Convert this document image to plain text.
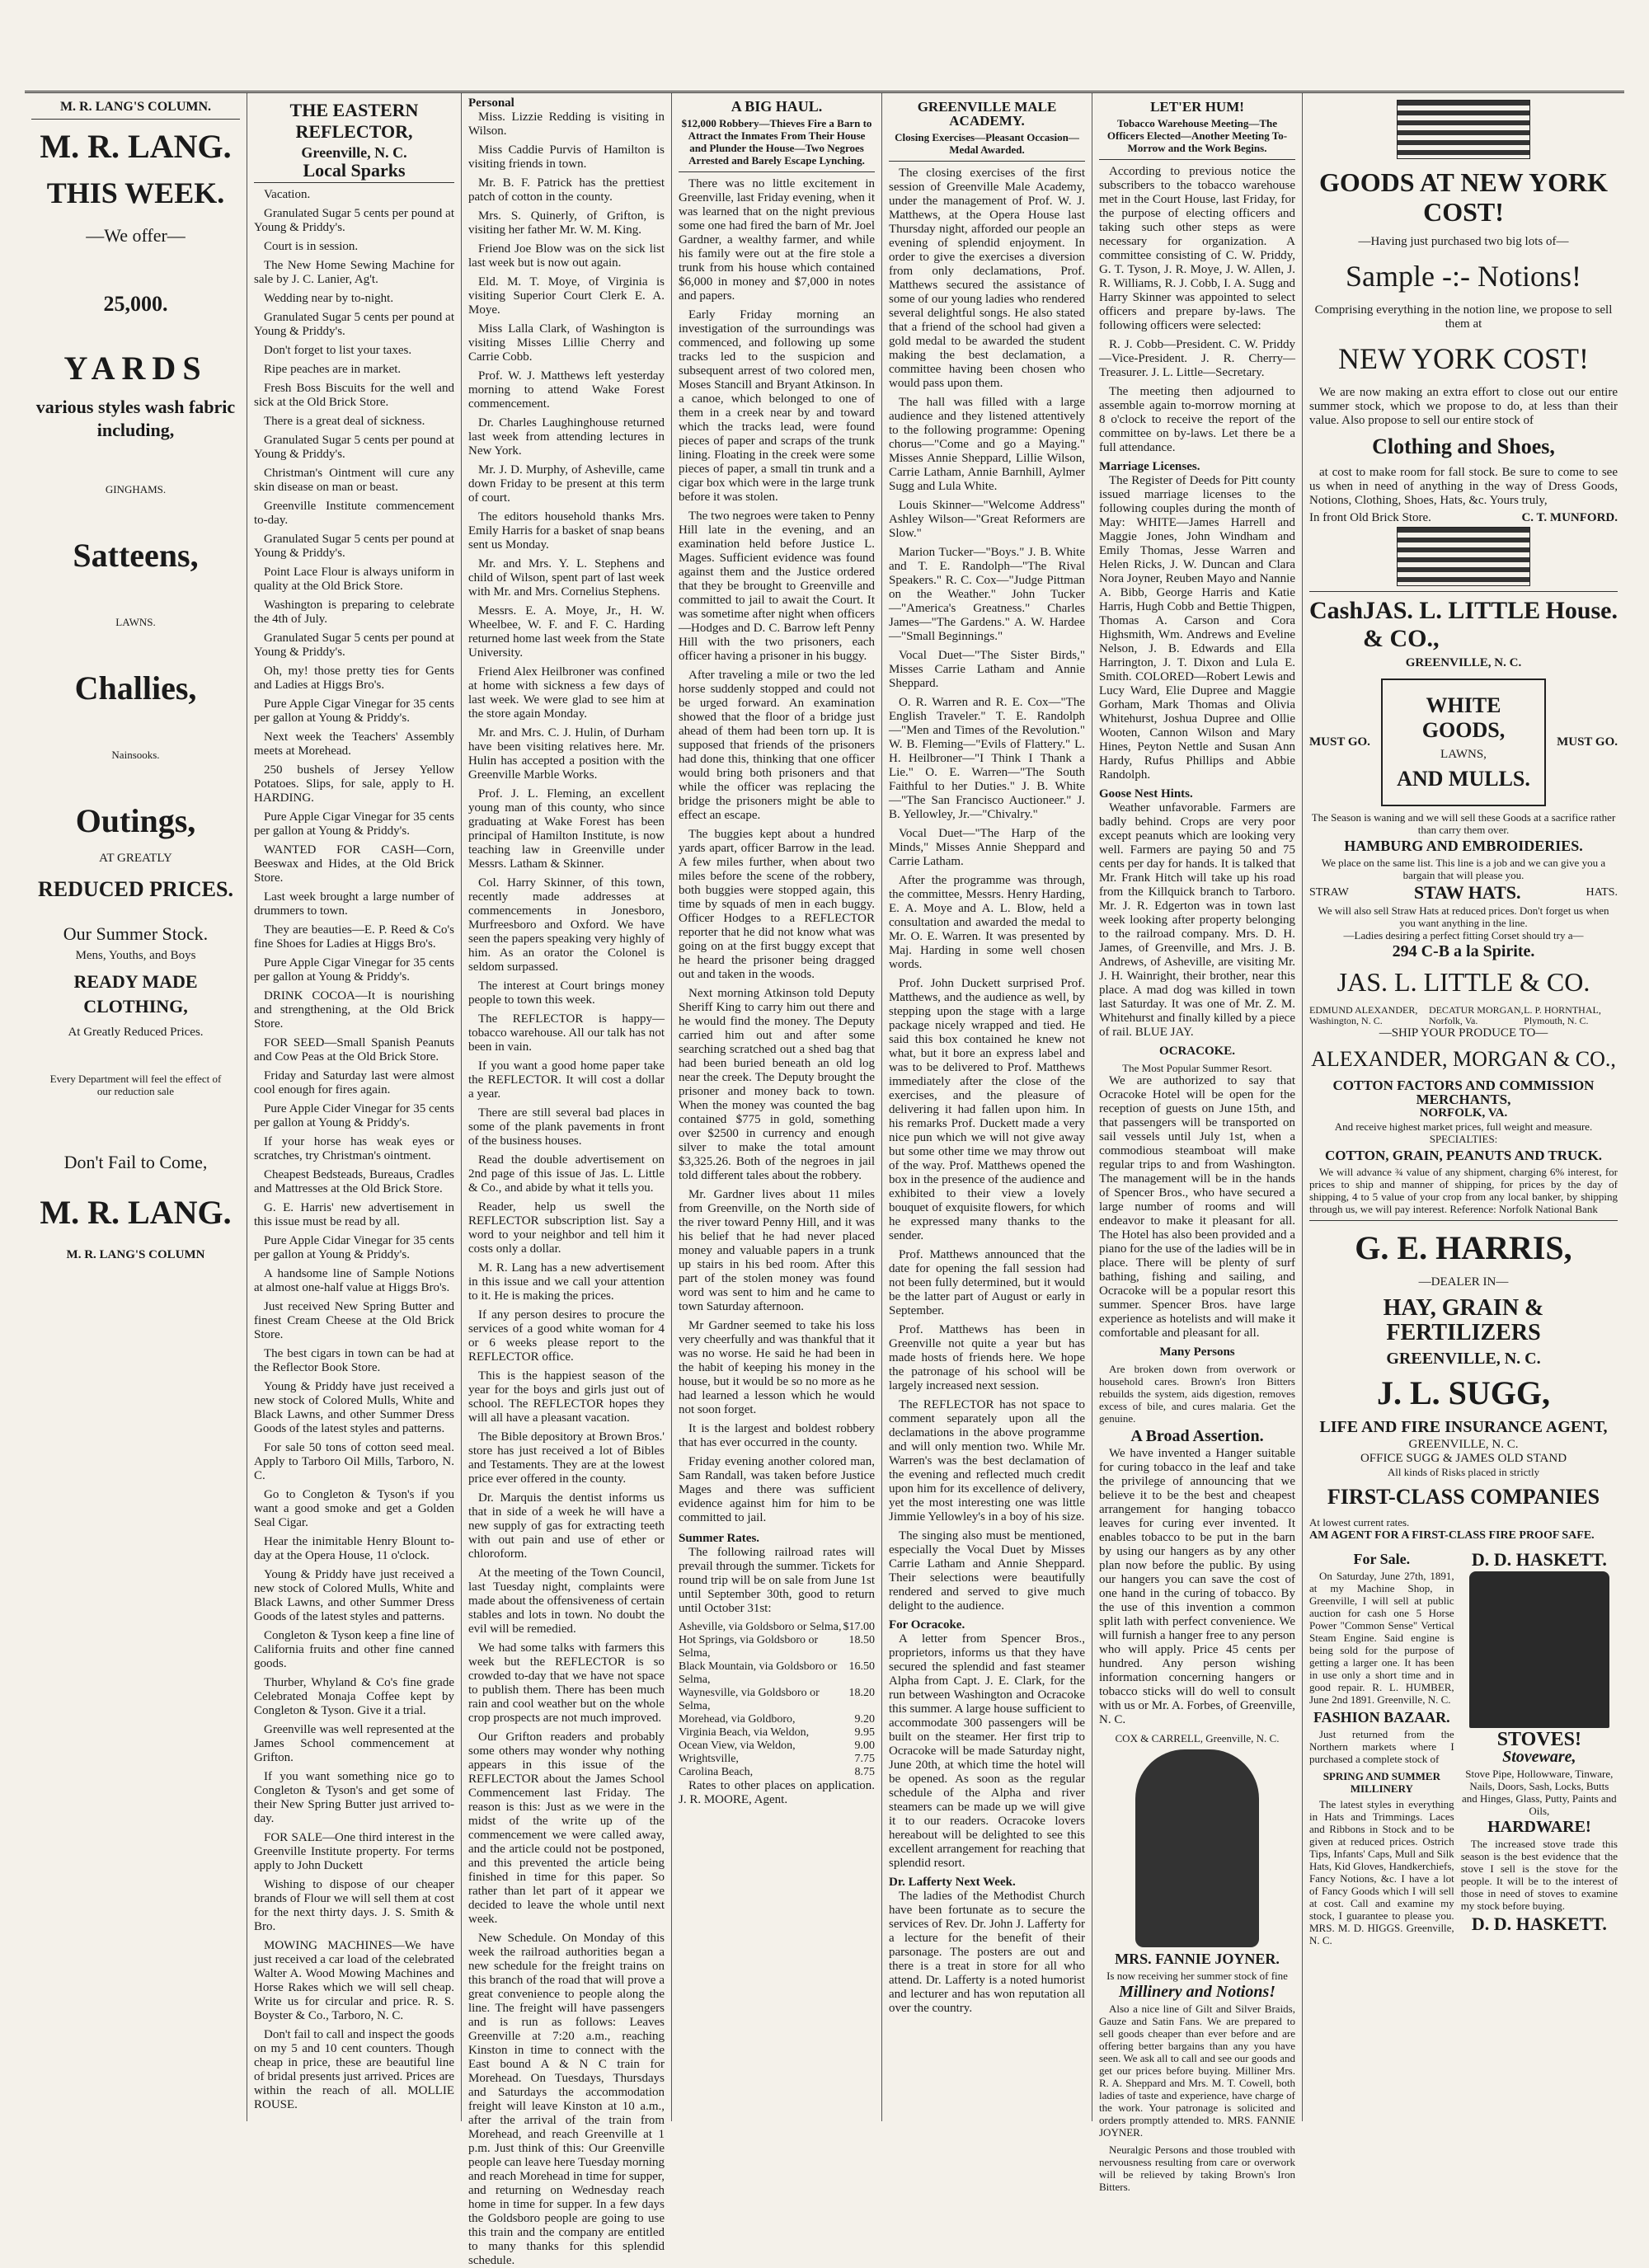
M. R. LANG'S COLUMN.
M. R. LANG.
THIS WEEK.
—We offer—
25,000.
YARDS
various styles wash fabric including,
GINGHAMS.
Satteens,
LAWNS.
Challies,
Nainsooks.
Outings,
AT GREATLY
REDUCED PRICES.
Our Summer Stock.
Mens, Youths, and Boys
READY MADE CLOTHING,
At Greatly Reduced Prices.
Every Department will feel the effect of our reduction sale
Don't Fail to Come,
M. R. LANG.
M. R. LANG'S COLUMN
THE EASTERN REFLECTOR,
Greenville, N. C.
Local Sparks
Vacation.
Granulated Sugar 5 cents per pound at Young & Priddy's.
Court is in session.
The New Home Sewing Machine for sale by J. C. Lanier, Ag't.
Wedding near by to-night.
Granulated Sugar 5 cents per pound at Young & Priddy's.
Don't forget to list your taxes.
Ripe peaches are in market.
Fresh Boss Biscuits for the well and sick at the Old Brick Store.
There is a great deal of sickness.
Granulated Sugar 5 cents per pound at Young & Priddy's.
Christman's Ointment will cure any skin disease on man or beast.
Greenville Institute commencement to-day.
Granulated Sugar 5 cents per pound at Young & Priddy's.
Point Lace Flour is always uniform in quality at the Old Brick Store.
Washington is preparing to celebrate the 4th of July.
Granulated Sugar 5 cents per pound at Young & Priddy's.
Oh, my! those pretty ties for Gents and Ladies at Higgs Bro's.
Pure Apple Cigar Vinegar for 35 cents per gallon at Young & Priddy's.
Next week the Teachers' Assembly meets at Morehead.
250 bushels of Jersey Yellow Potatoes. Slips, for sale, apply to H. HARDING.
Pure Apple Cigar Vinegar for 35 cents per gallon at Young & Priddy's.
WANTED FOR CASH—Corn, Beeswax and Hides, at the Old Brick Store.
Last week brought a large number of drummers to town.
They are beauties—E. P. Reed & Co's fine Shoes for Ladies at Higgs Bro's.
Pure Apple Cigar Vinegar for 35 cents per gallon at Young & Priddy's.
DRINK COCOA—It is nourishing and strengthening, at the Old Brick Store.
FOR SEED—Small Spanish Peanuts and Cow Peas at the Old Brick Store.
Friday and Saturday last were almost cool enough for fires again.
Pure Apple Cider Vinegar for 35 cents per gallon at Young & Priddy's.
If your horse has weak eyes or scratches, try Christman's ointment.
Cheapest Bedsteads, Bureaus, Cradles and Mattresses at the Old Brick Store.
G. E. Harris' new advertisement in this issue must be read by all.
Pure Apple Cidar Vinegar for 35 cents per gallon at Young & Priddy's.
A handsome line of Sample Notions at almost one-half value at Higgs Bro's.
Just received New Spring Butter and finest Cream Cheese at the Old Brick Store.
The best cigars in town can be had at the Reflector Book Store.
Young & Priddy have just received a new stock of Colored Mulls, White and Black Lawns, and other Summer Dress Goods of the latest styles and patterns.
For sale 50 tons of cotton seed meal. Apply to Tarboro Oil Mills, Tarboro, N. C.
Go to Congleton & Tyson's if you want a good smoke and get a Golden Seal Cigar.
Hear the inimitable Henry Blount to-day at the Opera House, 11 o'clock.
Young & Priddy have just received a new stock of Colored Mulls, White and Black Lawns, and other Summer Dress Goods of the latest styles and patterns.
Congleton & Tyson keep a fine line of California fruits and other fine canned goods.
Thurber, Whyland & Co's fine grade Celebrated Monaja Coffee kept by Congleton & Tyson. Give it a trial.
Greenville was well represented at the James School commencement at Grifton.
If you want something nice go to Congleton & Tyson's and get some of their New Spring Butter just arrived to-day.
FOR SALE—One third interest in the Greenville Institute property. For terms apply to John Duckett
Wishing to dispose of our cheaper brands of Flour we will sell them at cost for the next thirty days. J. S. Smith & Bro.
MOWING MACHINES—We have just received a car load of the celebrated Walter A. Wood Mowing Machines and Horse Rakes which we will sell cheap. Write us for circular and price. R. S. Boyster & Co., Tarboro, N. C.
Don't fail to call and inspect the goods on my 5 and 10 cent counters. Though cheap in price, these are beautiful line of bridal presents just arrived. Prices are within the reach of all. MOLLIE ROUSE.
Personal
Miss. Lizzie Redding is visiting in Wilson.
Miss Caddie Purvis of Hamilton is visiting friends in town.
Mr. B. F. Patrick has the prettiest patch of cotton in the county.
Mrs. S. Quinerly, of Grifton, is visiting her father Mr. W. M. King.
Friend Joe Blow was on the sick list last week but is now out again.
Eld. M. T. Moye, of Virginia is visiting Superior Court Clerk E. A. Moye.
Miss Lalla Clark, of Washington is visiting Misses Lillie Cherry and Carrie Cobb.
Prof. W. J. Matthews left yesterday morning to attend Wake Forest commencement.
Dr. Charles Laughinghouse returned last week from attending lectures in New York.
Mr. J. D. Murphy, of Asheville, came down Friday to be present at this term of court.
The editors household thanks Mrs. Emily Harris for a basket of snap beans sent us Monday.
Mr. and Mrs. Y. L. Stephens and child of Wilson, spent part of last week with Mr. and Mrs. Cornelius Stephens.
Messrs. E. A. Moye, Jr., H. W. Wheelbee, W. F. and F. C. Harding returned home last week from the State University.
Friend Alex Heilbroner was confined at home with sickness a few days of last week. We were glad to see him at the store again Monday.
Mr. and Mrs. C. J. Hulin, of Durham have been visiting relatives here. Mr. Hulin has accepted a position with the Greenville Marble Works.
Prof. J. L. Fleming, an excellent young man of this county, who since graduating at Wake Forest has been principal of Hamilton Institute, is now teaching law in Greenville under Messrs. Latham & Skinner.
Col. Harry Skinner, of this town, recently made addresses at commencements in Jonesboro, Murfreesboro and Oxford. We have seen the papers speaking very highly of him. As an orator the Colonel is seldom surpassed.
The interest at Court brings money people to town this week.
The REFLECTOR is happy—tobacco warehouse. All our talk has not been in vain.
If you want a good home paper take the REFLECTOR. It will cost a dollar a year.
There are still several bad places in some of the plank pavements in front of the business houses.
Read the double advertisement on 2nd page of this issue of Jas. L. Little & Co., and abide by what it tells you.
Reader, help us swell the REFLECTOR subscription list. Say a word to your neighbor and tell him it costs only a dollar.
M. R. Lang has a new advertisement in this issue and we call your attention to it. He is making the prices.
If any person desires to procure the services of a good white woman for 4 or 6 weeks please report to the REFLECTOR office.
This is the happiest season of the year for the boys and girls just out of school. The REFLECTOR hopes they will all have a pleasant vacation.
The Bible depository at Brown Bros.' store has just received a lot of Bibles and Testaments. They are at the lowest price ever offered in the county.
Dr. Marquis the dentist informs us that in side of a week he will have a new supply of gas for extracting teeth with out pain and use of ether or chloroform.
At the meeting of the Town Council, last Tuesday night, complaints were made about the offensiveness of certain stables and lots in town. No doubt the evil will be remedied.
We had some talks with farmers this week but the REFLECTOR is so crowded to-day that we have not space to publish them. There has been much rain and cool weather but on the whole crop prospects are not much improved.
Our Grifton readers and probably some others may wonder why nothing appears in this issue of the REFLECTOR about the James School Commencement last Friday. The reason is this: Just as we were in the midst of the write up of the commencement we were called away, and the article could not be postponed, and this prevented the article being finished in time for this paper. So rather than let part of it appear we decided to leave the whole until next week.
New Schedule. On Monday of this week the railroad authorities began a new schedule for the freight trains on this branch of the road that will prove a great convenience to people along the line. The freight will have passengers and is run as follows: Leaves Greenville at 7:20 a.m., reaching Kinston in time to connect with the East bound A & N C train for Morehead. On Tuesdays, Thursdays and Saturdays the accommodation freight will leave Kinston at 10 a.m., after the arrival of the train from Morehead, and reach Greenville at 1 p.m. Just think of this: Our Greenville people can leave here Tuesday morning and reach Morehead in time for supper, and returning on Wednesday reach home in time for supper. In a few days the Goldsboro people are going to use this train and the company are entitled to many thanks for this splendid schedule.
A BIG HAUL.
$12,000 Robbery—Thieves Fire a Barn to Attract the Inmates From Their House and Plunder the House—Two Negroes Arrested and Barely Escape Lynching.
There was no little excitement in Greenville, last Friday evening, when it was learned that on the night previous some one had fired the barn of Mr. Joel Gardner, a wealthy farmer, and while his family were out at the fire stole a trunk from his house which contained $6,000 in money and $7,000 in notes and papers.
Early Friday morning an investigation of the surroundings was commenced, and following up some tracks led to the suspicion and subsequent arrest of two colored men, Moses Stancill and Bryant Atkinson. In a canoe, which belonged to one of them in a creek near by and toward which the tracks lead, were found pieces of paper and scraps of the trunk lining. Floating in the creek were some pieces of paper, a small tin trunk and a cigar box which were in the large trunk before it was stolen.
The two negroes were taken to Penny Hill late in the evening, and an examination held before Justice L. Mages. Sufficient evidence was found against them and the Justice ordered that they be brought to Greenville and committed to jail to await the Court. It was sometime after night when officers—Hodges and D. C. Barrow left Penny Hill with the two prisoners, each officer having a prisoner in his buggy.
After traveling a mile or two the led horse suddenly stopped and could not be urged forward. An examination showed that the floor of a bridge just ahead of them had been torn up. It is supposed that friends of the prisoners had done this, thinking that one officer would bring both prisoners and that while the officer was replacing the bridge the prisoners might be able to effect an escape.
The buggies kept about a hundred yards apart, officer Barrow in the lead. A few miles further, when about two miles before the scene of the robbery, both buggies were stopped again, this time by squads of men in each buggy. Officer Hodges to a REFLECTOR reporter that he did not know what was going on at the first buggy except that he heard the prisoner being dragged out and taken in the woods.
Next morning Atkinson told Deputy Sheriff King to carry him out there and he would find the money. The Deputy carried him out and after some searching scratched out a shed bag that had been buried beneath an old log near the creek. The Deputy brought the prisoner and money back to town. When the money was counted the bag contained $775 in gold, something over $2500 in currency and enough silver to make the total amount $3,325.26. Both of the negroes in jail told different tales about the robbery.
Mr. Gardner lives about 11 miles from Greenville, on the North side of the river toward Penny Hill, and it was his belief that he had never placed money and valuable papers in a trunk up stairs in his bed room. After this part of the stolen money was found word was sent to him and he came to town Saturday afternoon.
Mr Gardner seemed to take his loss very cheerfully and was thankful that it was no worse. He said he had been in the habit of keeping his money in the house, but it would be so no more as he had learned a lesson which he would not soon forget.
It is the largest and boldest robbery that has ever occurred in the county.
Friday evening another colored man, Sam Randall, was taken before Justice Mages and there was sufficient evidence against him for him to be committed to jail.
Summer Rates.
The following railroad rates will prevail through the summer. Tickets for round trip will be on sale from June 1st until September 30th, good to return until October 31st:
Asheville, via Goldsboro or Selma, $17.00
Hot Springs, via Goldsboro or Selma,
18.50
Black Mountain, via Goldsboro or Selma,
16.50
Waynesville, via Goldsboro or Selma,
18.20
Morehead, via Goldboro,	9.20
Virginia Beach, via Weldon,	9.95
Ocean View, via Weldon,	9.00
Wrightsville,	7.75
Carolina Beach,	8.75
Rates to other places on application. J. R. MOORE, Agent.
GREENVILLE MALE ACADEMY.
Closing Exercises—Pleasant Occasion—Medal Awarded.
The closing exercises of the first session of Greenville Male Academy, under the management of Prof. W. J. Matthews, at the Opera House last Thursday night, afforded our people an evening of splendid enjoyment. In order to give the exercises a diversion from only declamations, Prof. Matthews secured the assistance of some of our young ladies who rendered several delightful songs. He also stated that a friend of the school had given a gold medal to be awarded the student making the best declamation, a committee having been chosen who would pass upon them.
The hall was filled with a large audience and they listened attentively to the following programme: Opening chorus—"Come and go a Maying." Misses Annie Sheppard, Lillie Wilson, Carrie Latham, Annie Barnhill, Aylmer Sugg and Lula White.
Louis Skinner—"Welcome Address" Ashley Wilson—"Great Reformers are Slow."
Marion Tucker—"Boys." J. B. White and T. E. Randolph—"The Rival Speakers." R. C. Cox—"Judge Pittman on the Weather." John Tucker—"America's Greatness." Charles James—"The Gardens." A. W. Hardee—"Small Beginnings."
Vocal Duet—"The Sister Birds," Misses Carrie Latham and Annie Sheppard.
O. R. Warren and R. E. Cox—"The English Traveler." T. E. Randolph—"Men and Times of the Revolution." W. B. Fleming—"Evils of Flattery." L. H. Heilbroner—"I Think I Thank a Lie." O. E. Warren—"The South Faithful to her Duties." J. B. White—"The San Francisco Auctioneer." J. B. Yellowley, Jr.—"Chivalry."
Vocal Duet—"The Harp of the Minds," Misses Annie Sheppard and Carrie Latham.
After the programme was through, the committee, Messrs. Henry Harding, E. A. Moye and A. L. Blow, held a consultation and awarded the medal to Mr. O. E. Warren. It was presented by Maj. Harding in some well chosen words.
Prof. John Duckett surprised Prof. Matthews, and the audience as well, by stepping upon the stage with a large package nicely wrapped and tied. He said this box contained he knew not what, but it bore an express label and was to be delivered to Prof. Matthews immediately after the close of the exercises, and the pleasure of delivering it had fallen upon him. In his remarks Prof. Duckett made a very nice pun which we will not give away but some other time we may throw out of the way. Prof. Matthews opened the box in the presence of the audience and exhibited to their view a lovely bouquet of exquisite flowers, for which he expressed many thanks to the sender.
Prof. Matthews announced that the date for opening the fall session had not been fully determined, but it would be the latter part of August or early in September.
Prof. Matthews has been in Greenville not quite a year but has made hosts of friends here. We hope the patronage of his school will be largely increased next session.
The REFLECTOR has not space to comment separately upon all the declamations in the above programme and will only mention two. While Mr. Warren's was the best declamation of the evening and reflected much credit upon him for its excellence of delivery, yet the most interesting one was little Jimmie Yellowley's in a boy of his size.
The singing also must be mentioned, especially the Vocal Duet by Misses Carrie Latham and Annie Sheppard. Their selections were beautifully rendered and served to give much delight to the audience.
For Ocracoke.
A letter from Spencer Bros., proprietors, informs us that they have secured the splendid and fast steamer Alpha from Capt. J. E. Clark, for the run between Washington and Ocracoke this summer. A large house sufficient to accommodate 300 passengers will be built on the steamer. Her first trip to Ocracoke will be made Saturday night, June 20th, at which time the hotel will be opened. As soon as the regular schedule of the Alpha and river steamers can be made up we will give it to our readers. Ocracoke lovers hereabout will be delighted to see this excellent arrangement for reaching that splendid resort.
Dr. Lafferty Next Week.
The ladies of the Methodist Church have been fortunate as to secure the services of Rev. Dr. John J. Lafferty for a lecture for the benefit of their parsonage. The posters are out and there is a treat in store for all who attend. Dr. Lafferty is a noted humorist and lecturer and has won reputation all over the country.
LET'ER HUM!
Tobacco Warehouse Meeting—The Officers Elected—Another Meeting To-Morrow and the Work Begins.
According to previous notice the subscribers to the tobacco warehouse met in the Court House, last Friday, for the purpose of electing officers and taking such other steps as were necessary for organization. A committee consisting of C. W. Priddy, G. T. Tyson, J. R. Moye, J. W. Allen, J. R. Williams, R. J. Cobb, I. A. Sugg and Harry Skinner was appointed to select officers and prepare by-laws. The following officers were selected:
R. J. Cobb—President. C. W. Priddy—Vice-President. J. R. Cherry—Treasurer. J. L. Little—Secretary.
The meeting then adjourned to assemble again to-morrow morning at 8 o'clock to receive the report of the committee on by-laws. Let there be a full attendance.
Marriage Licenses.
The Register of Deeds for Pitt county issued marriage licenses to the following couples during the month of May: WHITE—James Harrell and Maggie Jones, John Windham and Emily Thomas, Jesse Warren and Helen Ricks, J. W. Duncan and Clara Nora Joyner, Reuben Mayo and Nannie A. Bibb, George Harris and Katie Harris, Hugh Cobb and Bettie Thigpen, Thomas A. Carson and Cora Highsmith, Wm. Andrews and Eveline Nelson, J. B. Edwards and Ella Harrington, J. T. Dixon and Lula E. Smith. COLORED—Robert Lewis and Lucy Ward, Elie Dupree and Maggie Gorham, Mark Thomas and Olivia Whitehurst, Joshua Dupree and Ollie Wooten, Cannon Wilson and Mary Hines, Peyton Nettle and Susan Ann Hardy, Rufus Phillips and Abbie Randolph.
Goose Nest Hints.
Weather unfavorable. Farmers are badly behind. Crops are very poor except peanuts which are looking very well. Farmers are paying 50 and 75 cents per day for hands. It is talked that Mr. Frank Hitch will take up his road from the Killquick branch to Tarboro. Mr. J. R. Edgerton was in town last week looking after property belonging to the railroad company. Mrs. D. H. James, of Greenville, and Mrs. J. B. Andrews, of Asheville, are visiting Mr. J. H. Wainright, their brother, near this place. A mad dog was killed in town last Saturday. It was one of Mr. Z. M. Whitehurst and finally killed by a piece of rail. BLUE JAY.
OCRACOKE.
The Most Popular Summer Resort.
We are authorized to say that Ocracoke Hotel will be open for the reception of guests on June 15th, and that passengers will be transported on sail vessels until July 1st, when a commodious steamboat will make regular trips to and from Washington. The management will be in the hands of Spencer Bros., who have secured a large number of rooms and will endeavor to make it pleasant for all. The Hotel has also been provided and a piano for the use of the ladies will be in place. There will be plenty of surf bathing, fishing and sailing, and Ocracoke will be a popular resort this summer. Spencer Bros. have large experience as hotelists and will make it comfortable and pleasant for all.
Many Persons
Are broken down from overwork or household cares. Brown's Iron Bitters rebuilds the system, aids digestion, removes excess of bile, and cures malaria. Get the genuine.
A Broad Assertion.
We have invented a Hanger suitable for curing tobacco in the leaf and take the privilege of announcing that we believe it to be the best and cheapest arrangement for hanging tobacco leaves for curing ever invented. It enables tobacco to be put in the barn by using our hangers as by any other plan now before the public. By using our hangers you can save the cost of one hand in the curing of tobacco. By the use of this invention a common split lath with perfect convenience. We will furnish a hanger free to any person who will apply. Price 45 cents per hundred. Any person wishing information concerning hangers or tobacco sticks will do well to consult with us or Mr. A. Forbes, of Greenville, N. C.
COX & CARRELL, Greenville, N. C.
MRS. FANNIE JOYNER.
Is now receiving her summer stock of fine
Millinery and Notions!
Also a nice line of Gilt and Silver Braids, Gauze and Satin Fans. We are prepared to sell goods cheaper than ever before and are offering better bargains than any you have seen. We ask all to call and see our goods and get our prices before buying. Milliner Mrs. R. A. Sheppard and Mrs. M. T. Cowell, both ladies of taste and experience, have charge of the work. Your patronage is solicited and orders promptly attended to. MRS. FANNIE JOYNER.
Neuralgic Persons and those troubled with nervousness resulting from care or overwork will be relieved by taking Brown's Iron Bitters.
GOODS AT NEW YORK COST!
—Having just purchased two big lots of—
Sample -:- Notions!
Comprising everything in the notion line, we propose to sell them at
NEW YORK COST!
We are now making an extra effort to close out our entire summer stock, which we propose to do, at less than their value. Also propose to sell our entire stock of
Clothing and Shoes,
at cost to make room for fall stock. Be sure to come to see us when in need of anything in the way of Dress Goods, Notions, Clothing, Shoes, Hats, &c. Yours truly,
In front Old Brick Store.	C. T. MUNFORD.
Cash JAS. L. LITTLE & CO.,
House.
GREENVILLE, N. C.
MUST GO.
WHITE GOODS,
LAWNS,
AND MULLS.
MUST GO.
The Season is waning and we will sell these Goods at a sacrifice rather than carry them over.
HAMBURG AND EMBROIDERIES.
We place on the same list. This line is a job and we can give you a bargain that will please you.
STRAW	STAW HATS.	HATS.
We will also sell Straw Hats at reduced prices. Don't forget us when you want anything in the line.
—Ladies desiring a perfect fitting Corset should try a—
294 C-B a la Spirite.
JAS. L. LITTLE & CO.
EDMUND ALEXANDER, Washington, N. C.
DECATUR MORGAN, Norfolk, Va.
L. P. HORNTHAL, Plymouth, N. C.
—SHIP YOUR PRODUCE TO—
ALEXANDER, MORGAN & CO.,
COTTON FACTORS AND COMMISSION MERCHANTS,
NORFOLK, VA.
And receive highest market prices, full weight and measure.
SPECIALTIES:
COTTON, GRAIN, PEANUTS AND TRUCK.
We will advance ¾ value of any shipment, charging 6% interest, for prices to ship and manner of shipping, for prices by the day of shipping, 4 to 5 value of your crop from any local banker, by shipping through us, we will pay interest. Reference: Norfolk National Bank
G. E. HARRIS,
—DEALER IN—
HAY, GRAIN & FERTILIZERS
GREENVILLE, N. C.
J. L. SUGG,
LIFE AND FIRE INSURANCE AGENT,
GREENVILLE, N. C.
OFFICE SUGG & JAMES OLD STAND
All kinds of Risks placed in strictly
FIRST-CLASS COMPANIES
At lowest current rates.
AM AGENT FOR A FIRST-CLASS FIRE PROOF SAFE.
For Sale.
On Saturday, June 27th, 1891, at my Machine Shop, in Greenville, I will sell at public auction for cash one 5 Horse Power "Common Sense" Vertical Steam Engine. Said engine is being sold for the purpose of getting a larger one. It has been in use only a short time and in good repair. R. L. HUMBER, June 2nd 1891. Greenville, N. C.
FASHION BAZAAR.
Just returned from the Northern markets where I purchased a complete stock of
SPRING AND SUMMER MILLINERY
The latest styles in everything in Hats and Trimmings. Laces and Ribbons in Stock and to be given at reduced prices. Ostrich Tips, Infants' Caps, Mull and Silk Hats, Kid Gloves, Handkerchiefs, Fancy Notions, &c. I have a lot of Fancy Goods which I will sell at cost. Call and examine my stock, I guarantee to please you. MRS. M. D. HIGGS. Greenville, N. C.
D. D. HASKETT.
STOVES!
Stoveware,
Stove Pipe, Hollowware, Tinware, Nails, Doors, Sash, Locks, Butts and Hinges, Glass, Putty, Paints and Oils,
HARDWARE!
The increased stove trade this season is the best evidence that the stove I sell is the stove for the people. It will be to the interest of those in need of stoves to examine my stock before buying.
D. D. HASKETT.
